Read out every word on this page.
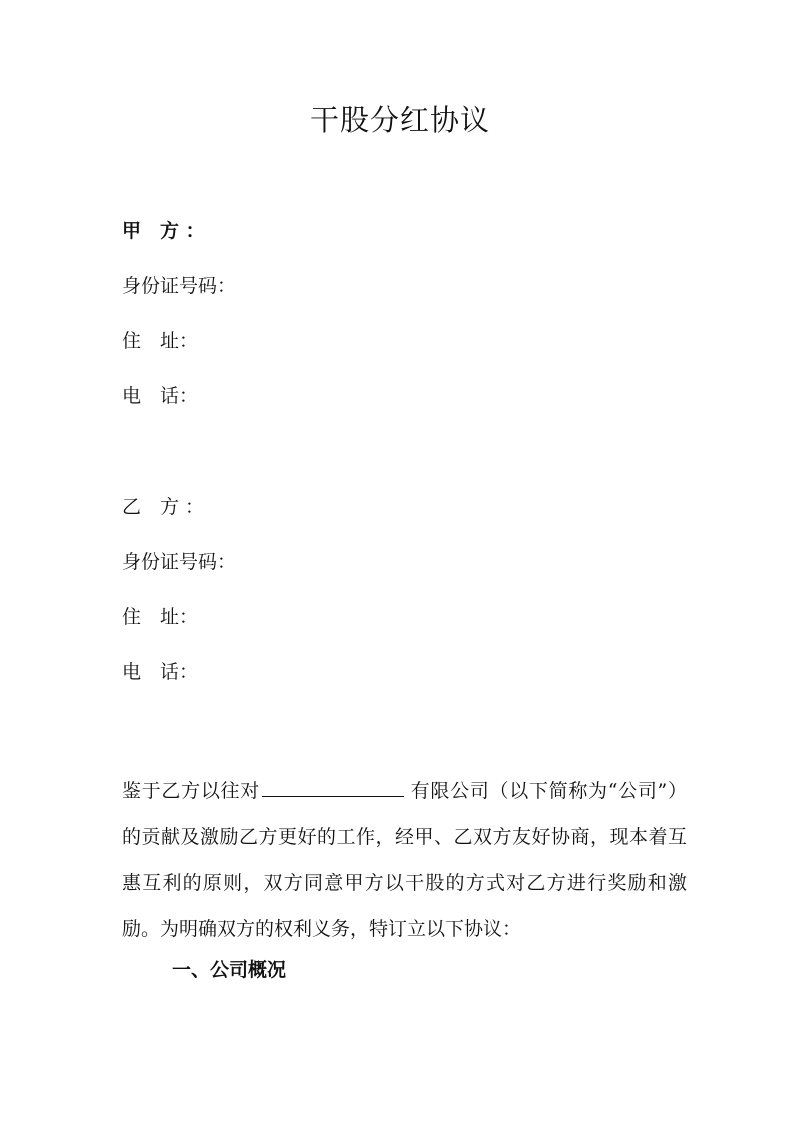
干股分红协议
甲　方 ：
身份证号码：
住　址：
电　话：
乙　方 ：
身份证号码：
住　址：
电　话：
鉴于乙方以往对	有限公司（以下简称为“公司”）的贡献及激励乙方更好的工作，经甲、乙双方友好协商，现本着互惠互利的原则，双方同意甲方以干股的方式对乙方进行奖励和激励。为明确双方的权利义务，特订立以下协议：
一、公司概况
